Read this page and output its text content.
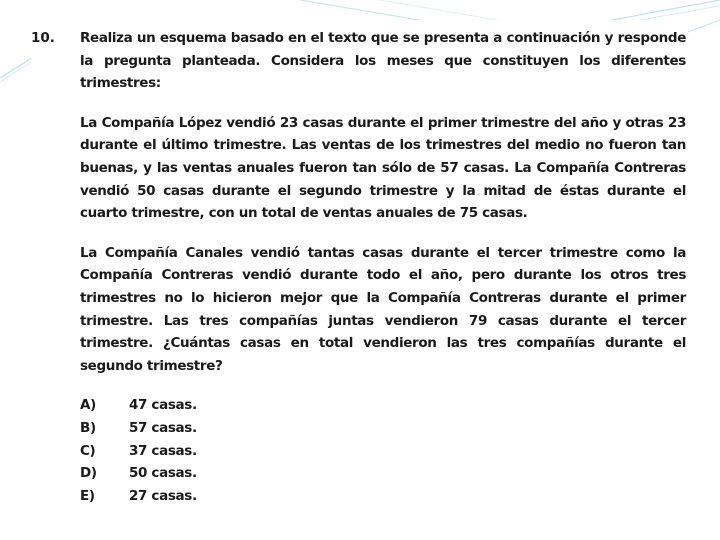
10. Realiza un esquema basado en el texto que se presenta a continuación y responde la pregunta planteada. Considera los meses que constituyen los diferentes trimestres:

La Compañía López vendió 23 casas durante el primer trimestre del año y otras 23 durante el último trimestre. Las ventas de los trimestres del medio no fueron tan buenas, y las ventas anuales fueron tan sólo de 57 casas. La Compañía Contreras vendió 50 casas durante el segundo trimestre y la mitad de éstas durante el cuarto trimestre, con un total de ventas anuales de 75 casas.

La Compañía Canales vendió tantas casas durante el tercer trimestre como la Compañía Contreras vendió durante todo el año, pero durante los otros tres trimestres no lo hicieron mejor que la Compañía Contreras durante el primer trimestre. Las tres compañías juntas vendieron 79 casas durante el tercer trimestre. ¿Cuántas casas en total vendieron las tres compañías durante el segundo trimestre?

A)	47 casas.
B)	57 casas.
C)	37 casas.
D)	50 casas.
E)	27 casas.
